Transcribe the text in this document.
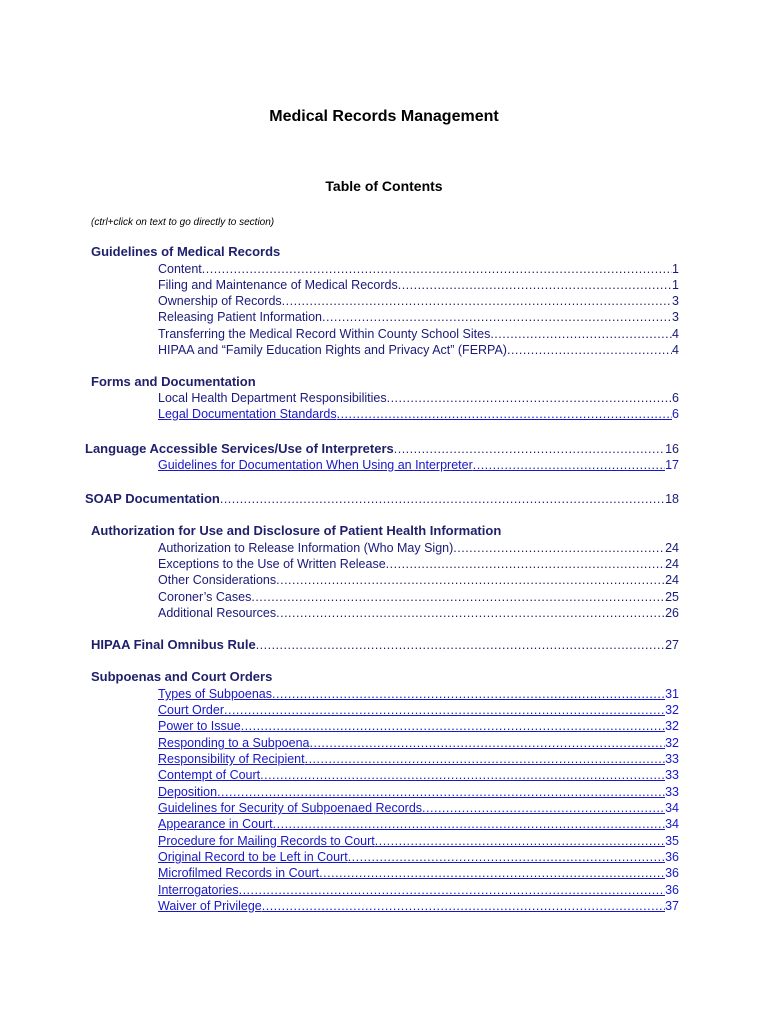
Medical Records Management
Table of Contents
(ctrl+click on text to go directly to section)
Guidelines of Medical Records
Content .....	1
Filing and Maintenance of Medical Records .....	1
Ownership of Records .....	3
Releasing Patient Information .....	3
Transferring the Medical Record Within County School Sites .....	4
HIPAA and “Family Education Rights and Privacy Act” (FERPA) .....	4
Forms and Documentation
Local Health Department Responsibilities .....	6
Legal Documentation Standards .....	6
Language Accessible Services/Use of Interpreters .....	16
Guidelines for Documentation When Using an Interpreter .....	17
SOAP Documentation .....	18
Authorization for Use and Disclosure of Patient Health Information
Authorization to Release Information (Who May Sign) .....	24
Exceptions to the Use of Written Release .....	24
Other Considerations .....	24
Coroner’s Cases .....	25
Additional Resources .....	26
HIPAA Final Omnibus Rule .....	27
Subpoenas and Court Orders
Types of Subpoenas .....	31
Court Order .....	32
Power to Issue .....	32
Responding to a Subpoena .....	32
Responsibility of Recipient .....	33
Contempt of Court .....	33
Deposition .....	33
Guidelines for Security of Subpoenaed Records .....	34
Appearance in Court .....	34
Procedure for Mailing Records to Court .....	35
Original Record to be Left in Court .....	36
Microfilmed Records in Court .....	36
Interrogatories .....	36
Waiver of Privilege .....	37
